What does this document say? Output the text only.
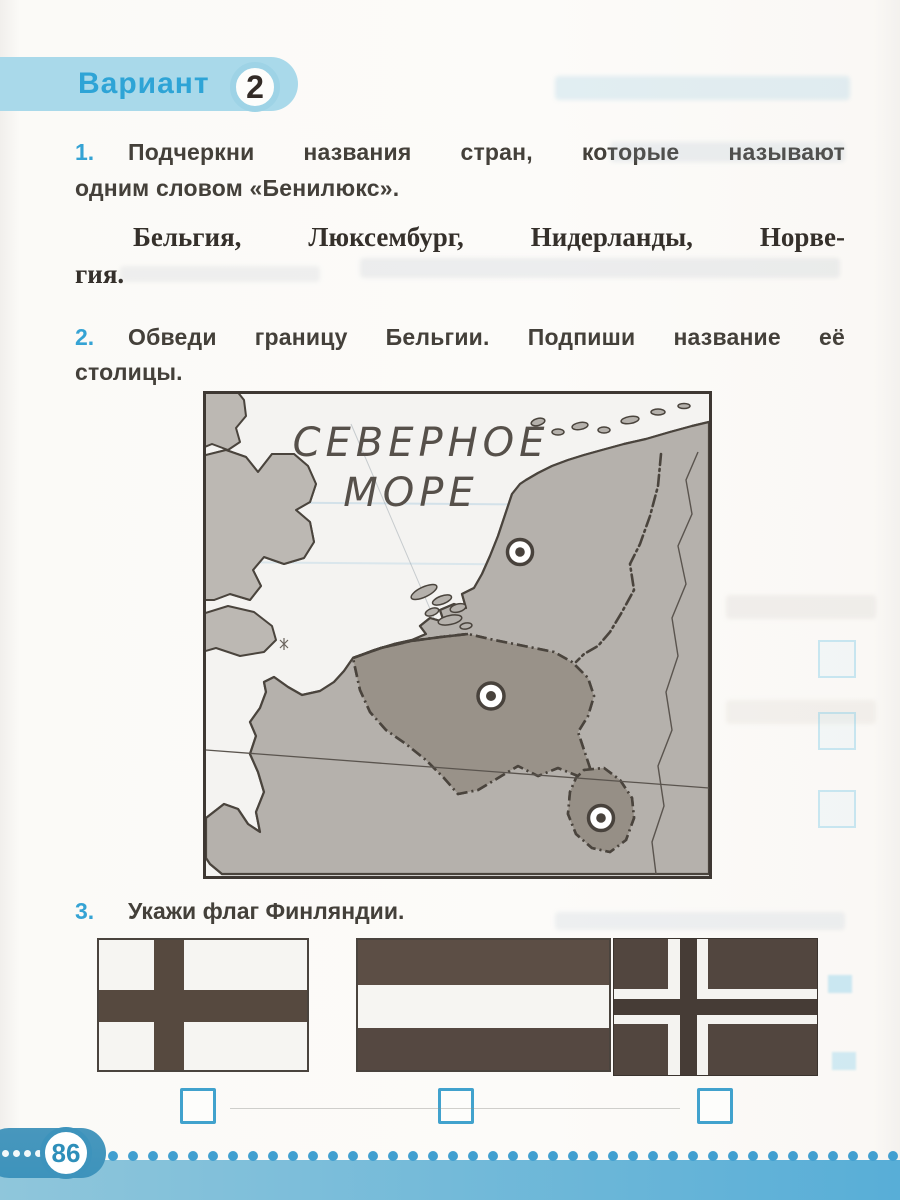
Вариант	2
1.	Подчеркни названия стран, которые называют
одним словом «Бенилюкс».
Бельгия, Люксембург, Нидерланды, Норве-
гия.
2.	Обведи границу Бельгии. Подпиши название её
столицы.
СЕВЕРНОЕ
МОРЕ
3.	Укажи флаг Финляндии.
86
